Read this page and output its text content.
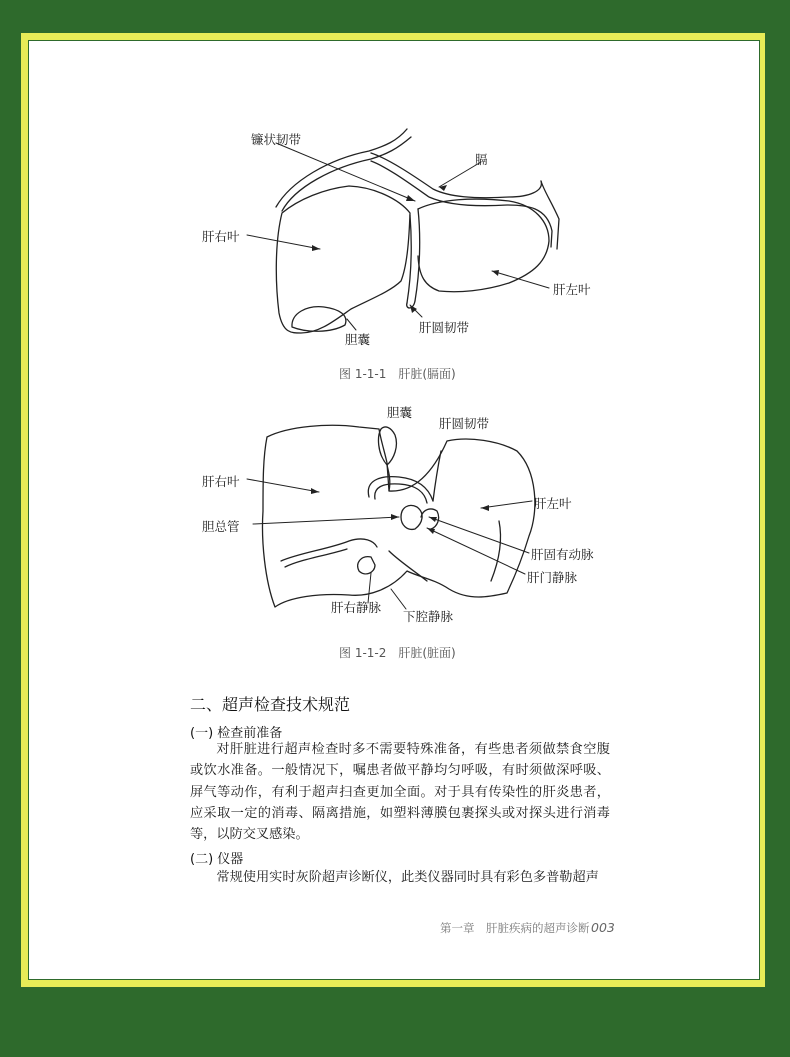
镰状韧带
膈
肝右叶
肝左叶
胆囊
肝圆韧带
图 1-1-1　肝脏(膈面)
胆囊
肝圆韧带
肝右叶
肝左叶
胆总管
肝固有动脉
肝门静脉
肝右静脉
下腔静脉
图 1-1-2　肝脏(脏面)
二、超声检查技术规范
(一) 检查前准备

对肝脏进行超声检查时多不需要特殊准备，有些患者须做禁食空腹或饮水准备。一般情况下，嘱患者做平静均匀呼吸，有时须做深呼吸、屏气等动作，有利于超声扫查更加全面。对于具有传染性的肝炎患者，应采取一定的消毒、隔离措施，如塑料薄膜包裹探头或对探头进行消毒等，以防交叉感染。

(二) 仪器

常规使用实时灰阶超声诊断仪，此类仪器同时具有彩色多普勒超声

第一章　肝脏疾病的超声诊断 003
